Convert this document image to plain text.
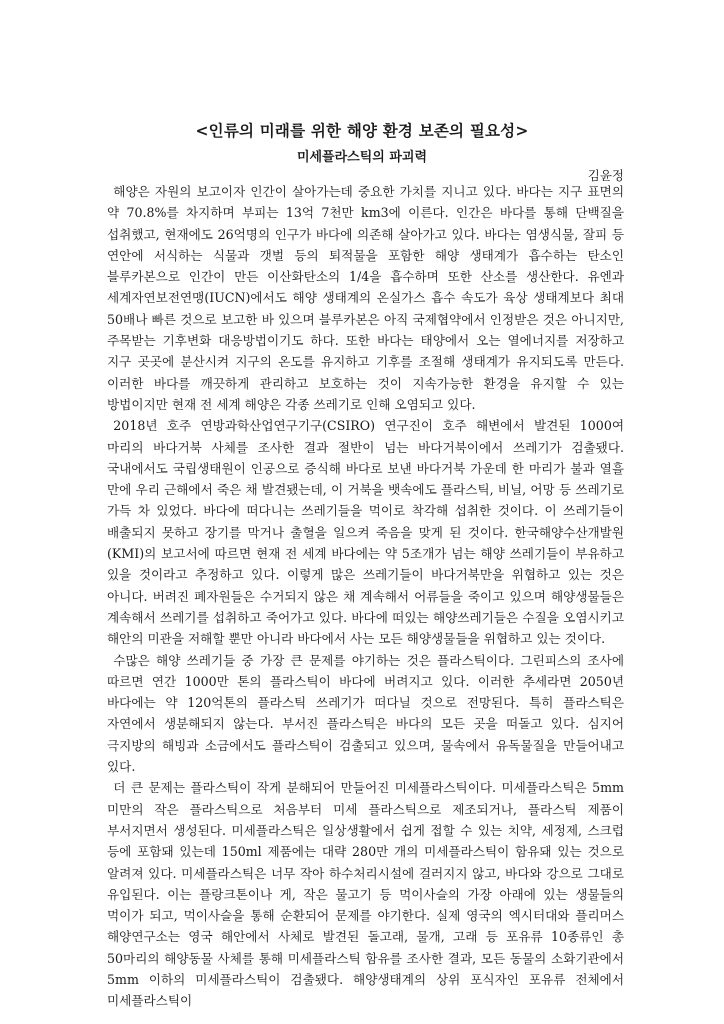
<인류의 미래를 위한 해양 환경 보존의 필요성>
미세플라스틱의 파괴력
김윤정

해양은 자원의 보고이자 인간이 살아가는데 중요한 가치를 지니고 있다. 바다는 지구 표면의 약 70.8%를 차지하며 부피는 13억 7천만 km3에 이른다. 인간은 바다를 통해 단백질을 섭취했고, 현재에도 26억명의 인구가 바다에 의존해 살아가고 있다. 바다는 염생식물, 잘피 등 연안에 서식하는 식물과 갯벌 등의 퇴적물을 포함한 해양 생태계가 흡수하는 탄소인 블루카본으로 인간이 만든 이산화탄소의 1/4을 흡수하며 또한 산소를 생산한다. 유엔과 세계자연보전연맹(IUCN)에서도 해양 생태계의 온실가스 흡수 속도가 육상 생태계보다 최대 50배나 빠른 것으로 보고한 바 있으며 블루카본은 아직 국제협약에서 인정받은 것은 아니지만, 주목받는 기후변화 대응방법이기도 하다. 또한 바다는 태양에서 오는 열에너지를 저장하고 지구 곳곳에 분산시켜 지구의 온도를 유지하고 기후를 조절해 생태계가 유지되도록 만든다. 이러한 바다를 깨끗하게 관리하고 보호하는 것이 지속가능한 환경을 유지할 수 있는 방법이지만 현재 전 세계 해양은 각종 쓰레기로 인해 오염되고 있다.

2018년 호주 연방과학산업연구기구(CSIRO) 연구진이 호주 해변에서 발견된 1000여 마리의 바다거북 사체를 조사한 결과 절반이 넘는 바다거북이에서 쓰레기가 검출됐다. 국내에서도 국립생태원이 인공으로 증식해 바다로 보낸 바다거북 가운데 한 마리가 불과 열흘 만에 우리 근해에서 죽은 채 발견됐는데, 이 거북을 뱃속에도 플라스틱, 비닐, 어망 등 쓰레기로 가득 차 있었다. 바다에 떠다니는 쓰레기들을 먹이로 착각해 섭취한 것이다. 이 쓰레기들이 배출되지 못하고 장기를 막거나 출혈을 일으켜 죽음을 맞게 된 것이다. 한국해양수산개발원(KMI)의 보고서에 따르면 현재 전 세계 바다에는 약 5조개가 넘는 해양 쓰레기들이 부유하고 있을 것이라고 추정하고 있다. 이렇게 많은 쓰레기들이 바다거북만을 위협하고 있는 것은 아니다. 버려진 폐자원들은 수거되지 않은 채 계속해서 어류들을 죽이고 있으며 해양생물들은 계속해서 쓰레기를 섭취하고 죽어가고 있다. 바다에 떠있는 해양쓰레기들은 수질을 오염시키고 해안의 미관을 저해할 뿐만 아니라 바다에서 사는 모든 해양생물들을 위협하고 있는 것이다.

수많은 해양 쓰레기들 중 가장 큰 문제를 야기하는 것은 플라스틱이다. 그린피스의 조사에 따르면 연간 1000만 톤의 플라스틱이 바다에 버려지고 있다. 이러한 추세라면 2050년 바다에는 약 120억톤의 플라스틱 쓰레기가 떠다닐 것으로 전망된다. 특히 플라스틱은 자연에서 생분해되지 않는다. 부서진 플라스틱은 바다의 모든 곳을 떠돌고 있다. 심지어 극지방의 해빙과 소금에서도 플라스틱이 검출되고 있으며, 물속에서 유독물질을 만들어내고 있다.

더 큰 문제는 플라스틱이 작게 분해되어 만들어진 미세플라스틱이다. 미세플라스틱은 5mm 미만의 작은 플라스틱으로 처음부터 미세 플라스틱으로 제조되거나, 플라스틱 제품이 부서지면서 생성된다. 미세플라스틱은 일상생활에서 쉽게 접할 수 있는 치약, 세정제, 스크럽 등에 포함돼 있는데 150ml 제품에는 대략 280만 개의 미세플라스틱이 함유돼 있는 것으로 알려져 있다. 미세플라스틱은 너무 작아 하수처리시설에 걸러지지 않고, 바다와 강으로 그대로 유입된다. 이는 플랑크톤이나 게, 작은 물고기 등 먹이사슬의 가장 아래에 있는 생물들의 먹이가 되고, 먹이사슬을 통해 순환되어 문제를 야기한다. 실제 영국의 엑시터대와 플리머스 해양연구소는 영국 해안에서 사체로 발견된 돌고래, 물개, 고래 등 포유류 10종류인 총 50마리의 해양동물 사체를 통해 미세플라스틱 함유를 조사한 결과, 모든 동물의 소화기관에서 5mm 이하의 미세플라스틱이 검출됐다. 해양생태계의 상위 포식자인 포유류 전체에서 미세플라스틱이
